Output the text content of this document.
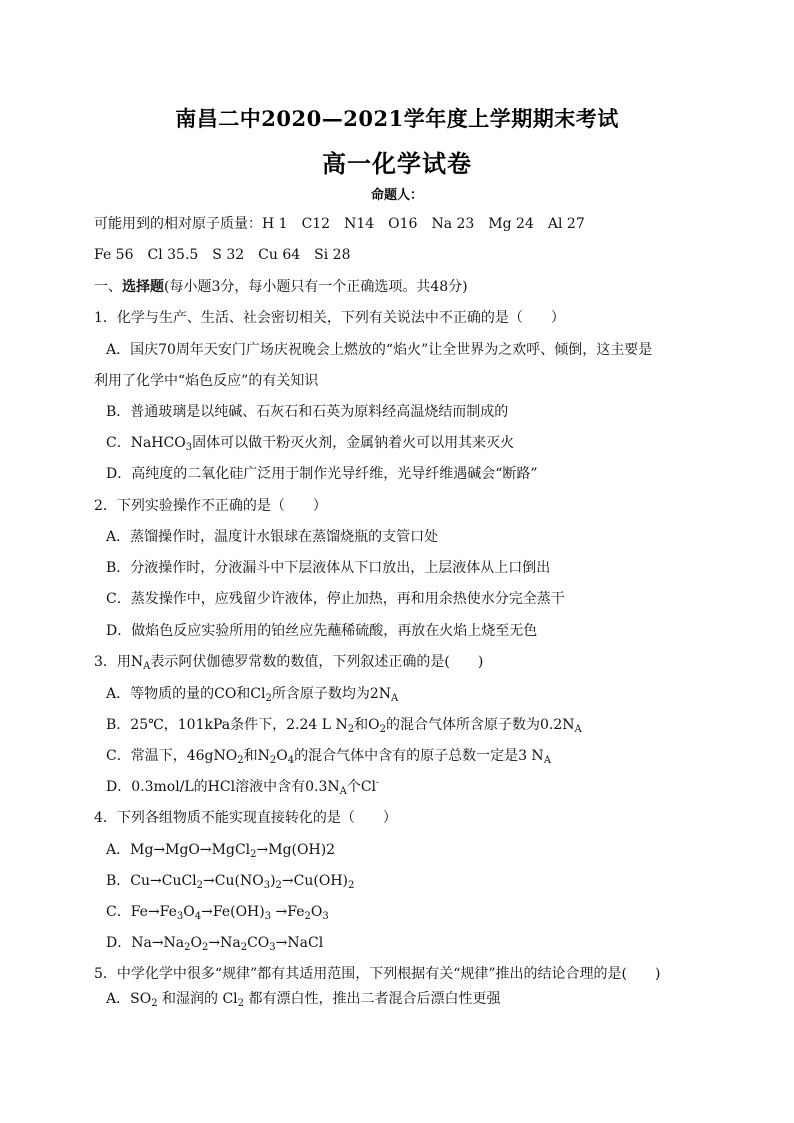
南昌二中2020—2021学年度上学期期末考试
高一化学试卷
命题人：
可能用到的相对原子质量：H 1　C12　N14　O16　Na 23　Mg 24　Al 27
Fe 56　Cl 35.5　S 32　Cu 64　Si 28
一、选择题(每小题3分，每小题只有一个正确选项。共48分)
1．化学与生产、生活、社会密切相关，下列有关说法中不正确的是（　　）
A．国庆70周年天安门广场庆祝晚会上燃放的“焰火”让全世界为之欢呼、倾倒，这主要是
利用了化学中“焰色反应”的有关知识
B．普通玻璃是以纯碱、石灰石和石英为原料经高温烧结而制成的
C．NaHCO$_3$固体可以做干粉灭火剂，金属钠着火可以用其来灭火
D．高纯度的二氧化硅广泛用于制作光导纤维，光导纤维遇碱会“断路”
2．下列实验操作不正确的是（　　）
A．蒸馏操作时，温度计水银球在蒸馏烧瓶的支管口处
B．分液操作时，分液漏斗中下层液体从下口放出，上层液体从上口倒出
C．蒸发操作中，应残留少许液体，停止加热，再和用余热使水分完全蒸干
D．做焰色反应实验所用的铂丝应先蘸稀硫酸，再放在火焰上烧至无色
3．用$N_A$表示阿伏伽德罗常数的数值，下列叙述正确的是(　　)
A．等物质的量的CO和$Cl_2$所含原子数均为$2N_A$
B．25℃，101kPa条件下，2.24 L $N_2$和$O_2$的混合气体所含原子数为$0.2N_A$
C．常温下，46gNO$_2$和$N_2O_4$的混合气体中含有的原子总数一定是3 $N_A$
D．0.3mol/L的HCl溶液中含有$0.3N_A$个Cl-
4．下列各组物质不能实现直接转化的是（　　）
A．Mg→MgO→MgCl$_2$→Mg(OH)2
B．$Cu\to CuCl_2\to Cu(NO_3)_2\to Cu(OH)_2$
C．$Fe\to Fe_3O_4\to Fe(OH)_3 \to Fe_2O_3$
D．$Na\to Na_2O_2\to Na_2CO_3\to NaCl$
5．中学化学中很多“规律”都有其适用范围，下列根据有关“规律”推出的结论合理的是(　　)
A．$SO_2$ 和湿润的 $Cl_2$ 都有漂白性，推出二者混合后漂白性更强
